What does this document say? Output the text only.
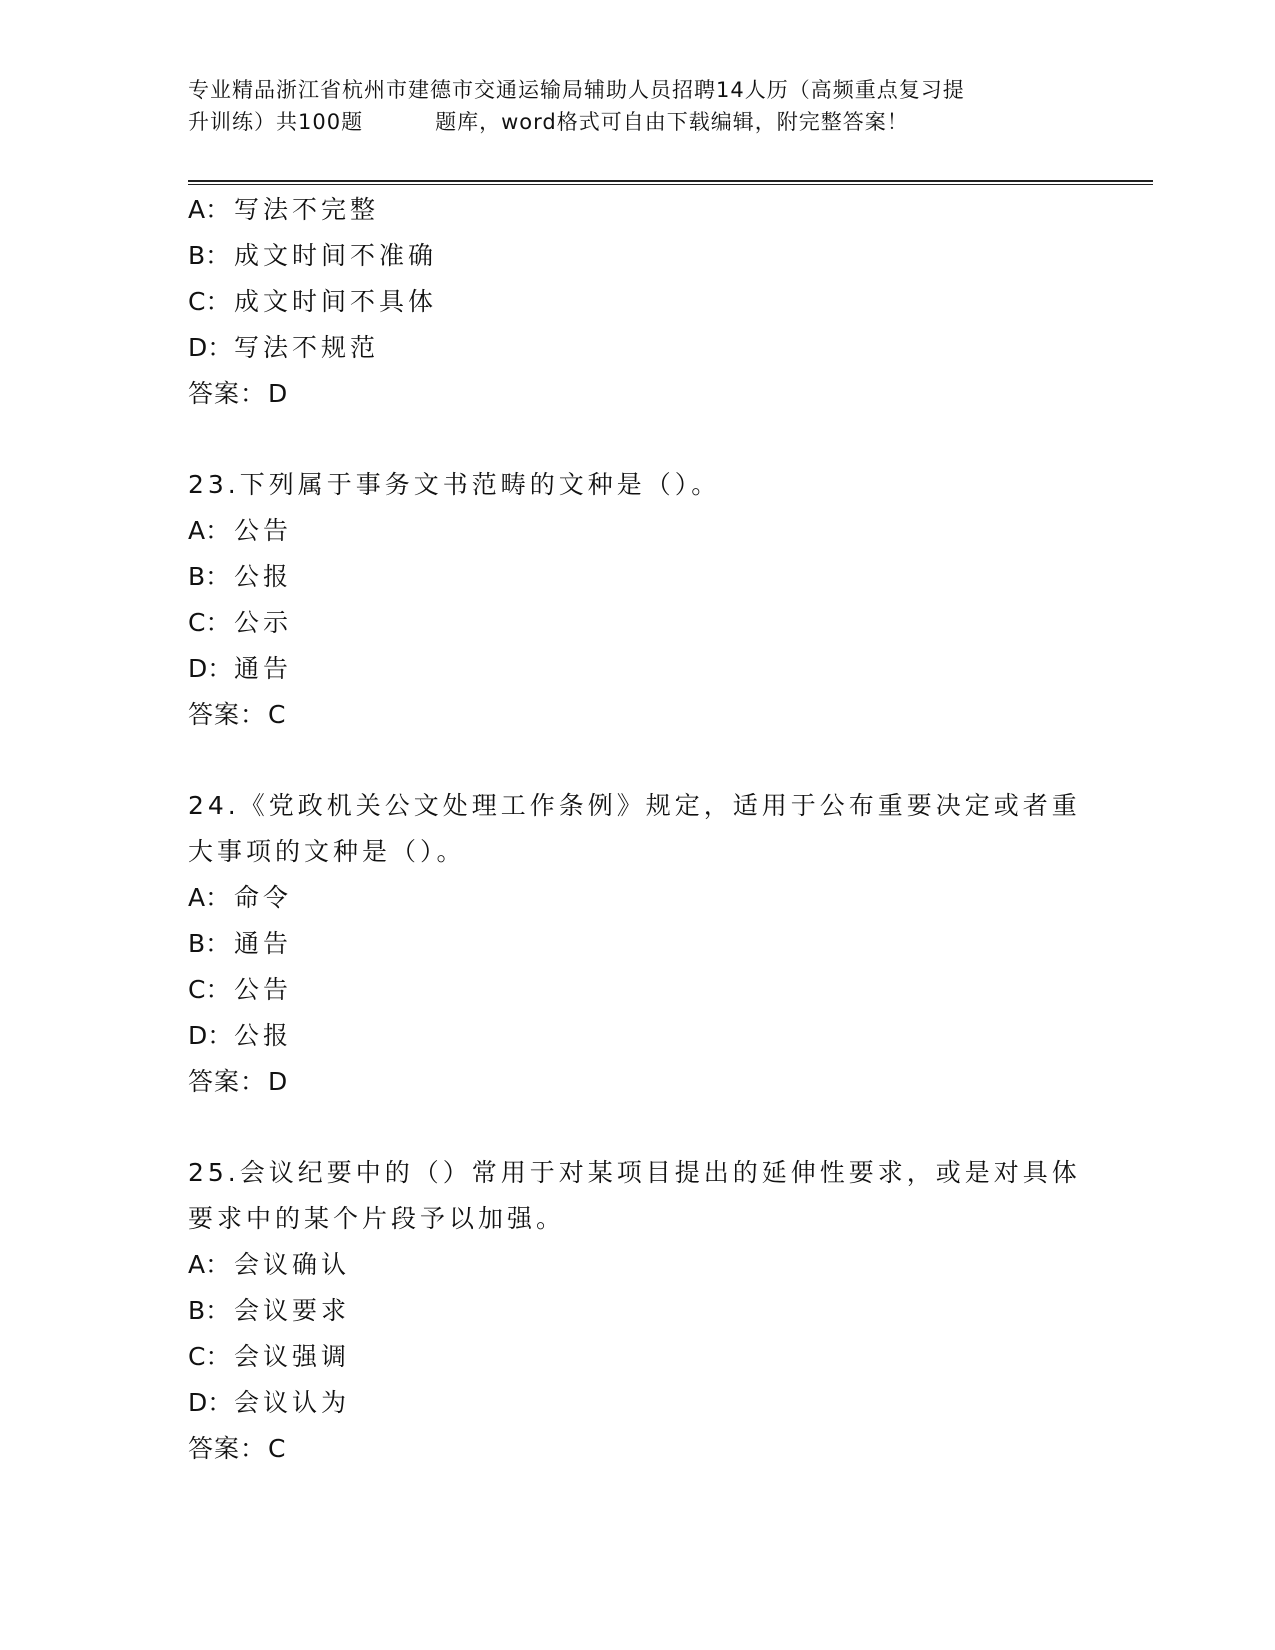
专业精品浙江省杭州市建德市交通运输局辅助人员招聘14人历（高频重点复习提
升训练）共100题	题库，word格式可自由下载编辑，附完整答案！
A： 写法不完整
B： 成文时间不准确
C： 成文时间不具体
D：写法不规范
答案：D
23.下列属于事务文书范畴的文种是（）。
A： 公告
B： 公报
C： 公示
D：通告
答案：C
24.《党政机关公文处理工作条例》规定，适用于公布重要决定或者重
大事项的文种是（）。
A： 命令
B： 通告
C： 公告
D：公报
答案：D
25.会议纪要中的（）常用于对某项目提出的延伸性要求，或是对具体
要求中的某个片段予以加强。
A： 会议确认
B： 会议要求
C： 会议强调
D：会议认为
答案：C
